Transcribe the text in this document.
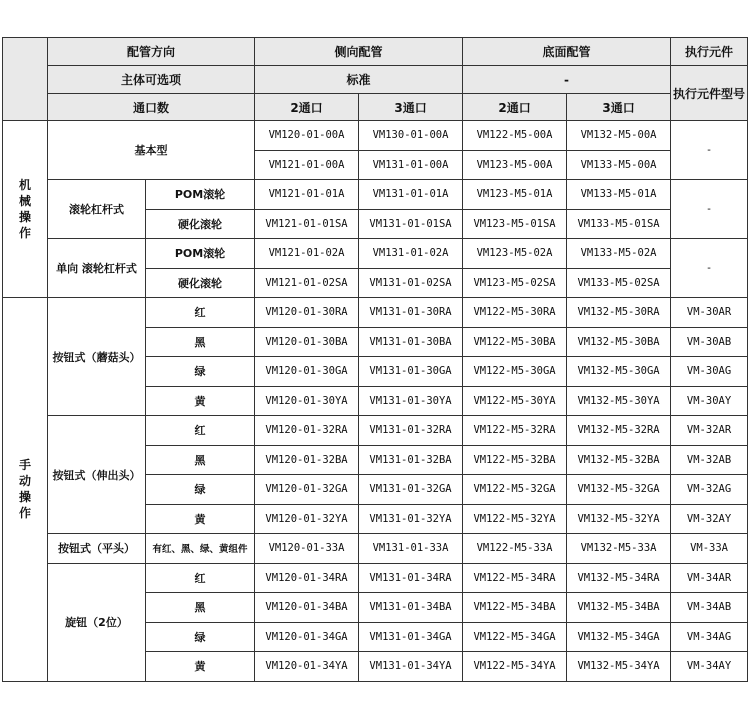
	配管方向		侧向配管		底面配管		执行元件
	主体可选项		标准		-		执行元件型号
	通口数		2通口	3通口	2通口	3通口	

机
械
操
作	基本型		VM120-01-00A	VM130-01-00A	VM122-M5-00A	VM132-M5-00A	-
			VM121-01-00A	VM131-01-00A	VM123-M5-00A	VM133-M5-00A	
	滚轮杠杆式	POM滚轮	VM121-01-01A	VM131-01-01A	VM123-M5-01A	VM133-M5-01A	-
		硬化滚轮	VM121-01-01SA	VM131-01-01SA	VM123-M5-01SA	VM133-M5-01SA	
	单向 滚轮杠杆式	POM滚轮	VM121-01-02A	VM131-01-02A	VM123-M5-02A	VM133-M5-02A	-
		硬化滚轮	VM121-01-02SA	VM131-01-02SA	VM123-M5-02SA	VM133-M5-02SA	

手
动
操
作	按钮式（蘑菇头）	红	VM120-01-30RA	VM131-01-30RA	VM122-M5-30RA	VM132-M5-30RA	VM-30AR
		黑	VM120-01-30BA	VM131-01-30BA	VM122-M5-30BA	VM132-M5-30BA	VM-30AB
		绿	VM120-01-30GA	VM131-01-30GA	VM122-M5-30GA	VM132-M5-30GA	VM-30AG
		黄	VM120-01-30YA	VM131-01-30YA	VM122-M5-30YA	VM132-M5-30YA	VM-30AY
	按钮式（伸出头）	红	VM120-01-32RA	VM131-01-32RA	VM122-M5-32RA	VM132-M5-32RA	VM-32AR
		黑	VM120-01-32BA	VM131-01-32BA	VM122-M5-32BA	VM132-M5-32BA	VM-32AB
		绿	VM120-01-32GA	VM131-01-32GA	VM122-M5-32GA	VM132-M5-32GA	VM-32AG
		黄	VM120-01-32YA	VM131-01-32YA	VM122-M5-32YA	VM132-M5-32YA	VM-32AY
	按钮式（平头）	有红、黑、绿、黄组件	VM120-01-33A	VM131-01-33A	VM122-M5-33A	VM132-M5-33A	VM-33A
	旋钮（2位）	红	VM120-01-34RA	VM131-01-34RA	VM122-M5-34RA	VM132-M5-34RA	VM-34AR
		黑	VM120-01-34BA	VM131-01-34BA	VM122-M5-34BA	VM132-M5-34BA	VM-34AB
		绿	VM120-01-34GA	VM131-01-34GA	VM122-M5-34GA	VM132-M5-34GA	VM-34AG
		黄	VM120-01-34YA	VM131-01-34YA	VM122-M5-34YA	VM132-M5-34YA	VM-34AY
